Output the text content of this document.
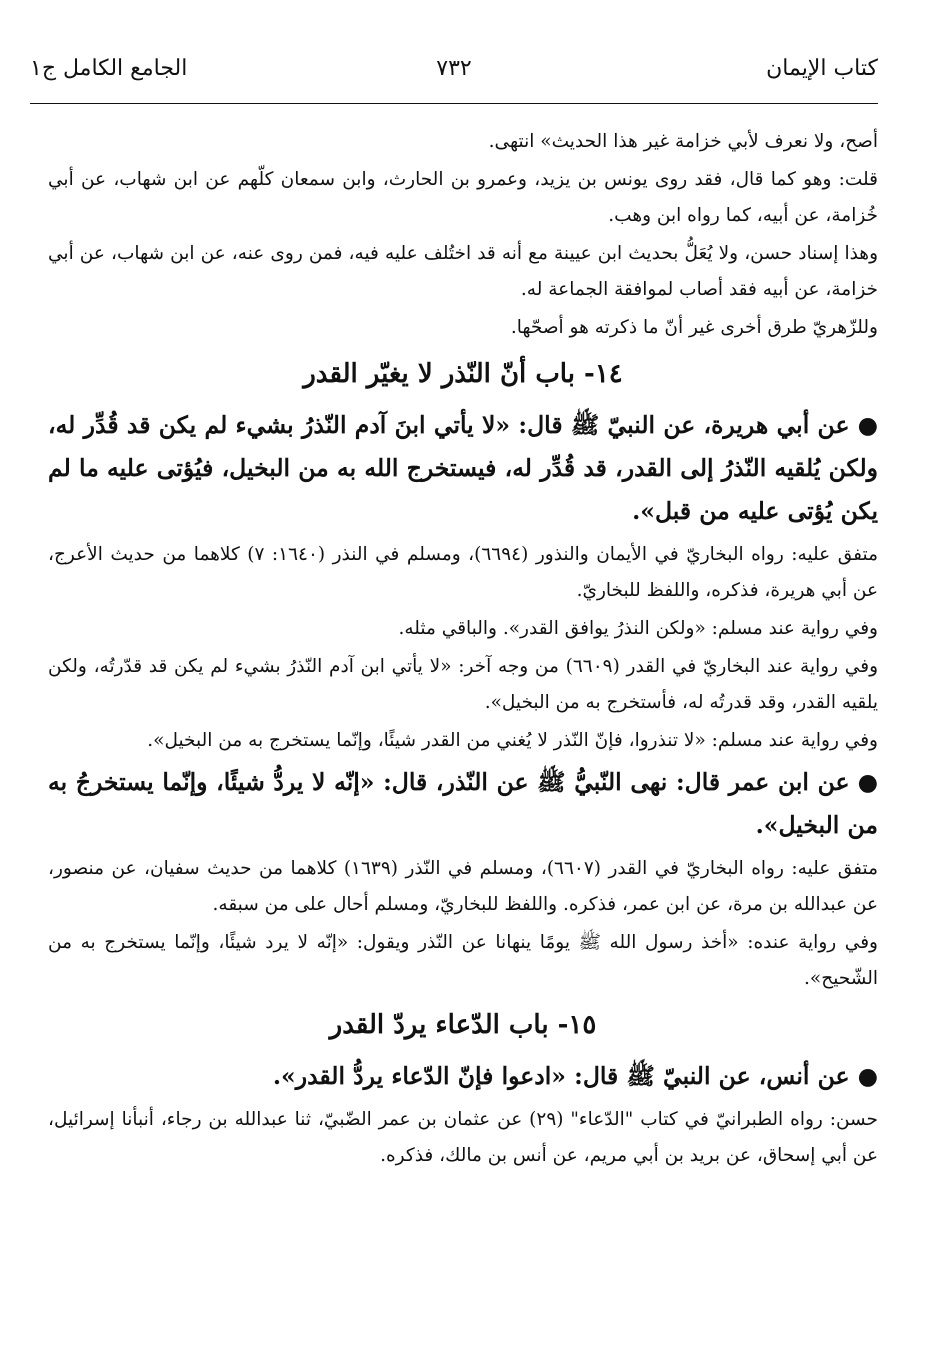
كتاب الإيمان
٧٣٢
الجامع الكامل ج١

أصح، ولا نعرف لأبي خزامة غير هذا الحديث» انتهى.

قلت: وهو كما قال، فقد روى يونس بن يزيد، وعمرو بن الحارث، وابن سمعان كلّهم عن ابن شهاب، عن أبي خُزامة، عن أبيه، كما رواه ابن وهب.

وهذا إسناد حسن، ولا يُعَلُّ بحديث ابن عيينة مع أنه قد اختُلف عليه فيه، فمن روى عنه، عن ابن شهاب، عن أبي خزامة، عن أبيه فقد أصاب لموافقة الجماعة له.

وللزّهريّ طرق أخرى غير أنّ ما ذكرته هو أصحّها.

١٤- باب أنّ النّذر لا يغيّر القدر

●عن أبي هريرة، عن النبيّ ﷺ قال: «لا يأتي ابنَ آدم النّذرُ بشيء لم يكن قد قُدِّر له، ولكن يُلقيه النّذرُ إلى القدر، قد قُدِّر له، فيستخرج الله به من البخيل، فيُؤتى عليه ما لم يكن يُؤتى عليه من قبل».

متفق عليه: رواه البخاريّ في الأيمان والنذور (٦٦٩٤)، ومسلم في النذر (١٦٤٠: ٧) كلاهما من حديث الأعرج، عن أبي هريرة، فذكره، واللفظ للبخاريّ.

وفي رواية عند مسلم: «ولكن النذرُ يوافق القدر». والباقي مثله.

وفي رواية عند البخاريّ في القدر (٦٦٠٩) من وجه آخر: «لا يأتي ابن آدم النّذرُ بشيء لم يكن قد قدّرتُه، ولكن يلقيه القدر، وقد قدرتُه له، فأستخرج به من البخيل».

وفي رواية عند مسلم: «لا تنذروا، فإنّ النّذر لا يُغني من القدر شيئًا، وإنّما يستخرج به من البخيل».

●عن ابن عمر قال: نهى النّبيُّ ﷺ عن النّذر، قال: «إنّه لا يردُّ شيئًا، وإنّما يستخرجُ به من البخيل».

متفق عليه: رواه البخاريّ في القدر (٦٦٠٧)، ومسلم في النّذر (١٦٣٩) كلاهما من حديث سفيان، عن منصور، عن عبدالله بن مرة، عن ابن عمر، فذكره. واللفظ للبخاريّ، ومسلم أحال على من سبقه.

وفي رواية عنده: «أخذ رسول الله ﷺ يومًا ينهانا عن النّذر ويقول: «إنّه لا يرد شيئًا، وإنّما يستخرج به من الشّحيح».

١٥- باب الدّعاء يردّ القدر

●عن أنس، عن النبيّ ﷺ قال: «ادعوا فإنّ الدّعاء يردُّ القدر».

حسن: رواه الطبرانيّ في كتاب "الدّعاء" (٢٩) عن عثمان بن عمر الضّبيّ، ثنا عبدالله بن رجاء، أنبأنا إسرائيل، عن أبي إسحاق، عن بريد بن أبي مريم، عن أنس بن مالك، فذكره.
